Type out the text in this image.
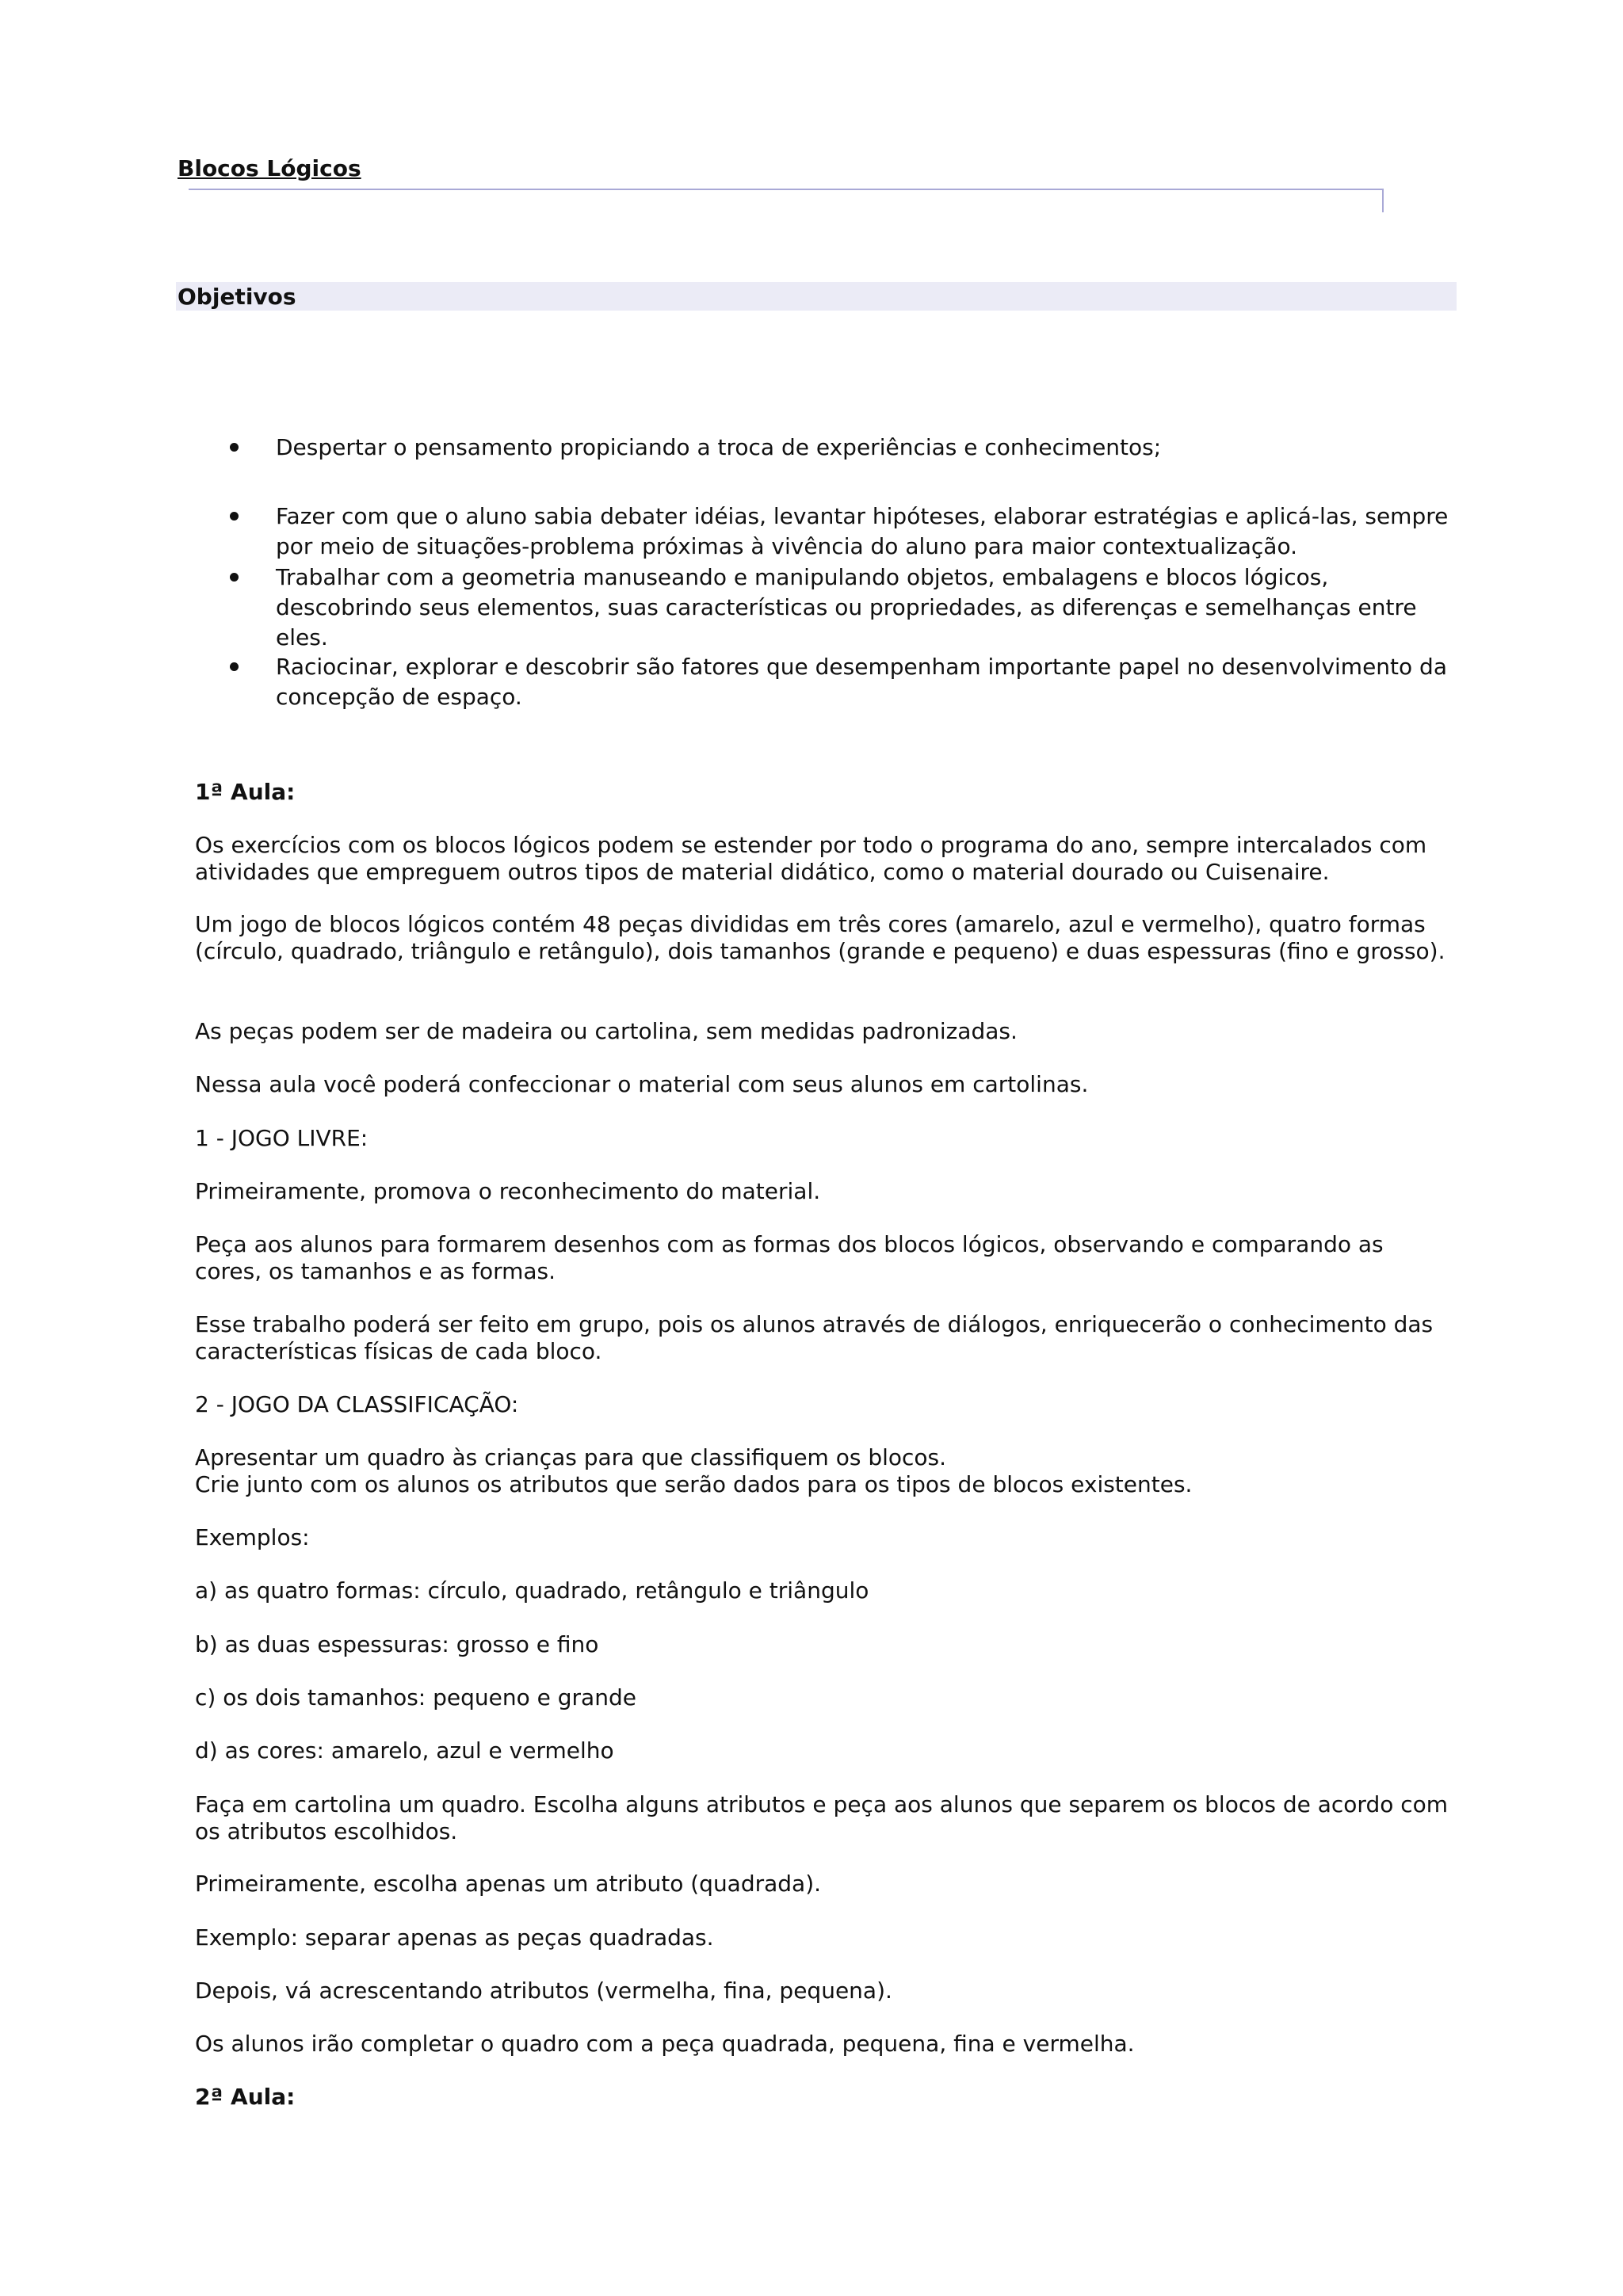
Blocos Lógicos
Objetivos
Despertar o pensamento propiciando a troca de experiências e conhecimentos;
Fazer com que o aluno sabia debater idéias, levantar hipóteses, elaborar estratégias e aplicá-las, sempre por meio de situações-problema próximas à vivência do aluno para maior contextualização.
Trabalhar com a geometria manuseando e manipulando objetos, embalagens e blocos lógicos, descobrindo seus elementos, suas características ou propriedades, as diferenças e semelhanças entre eles.
Raciocinar, explorar e descobrir são fatores que desempenham importante papel no desenvolvimento da concepção de espaço.
1ª Aula:

Os exercícios com os blocos lógicos podem se estender por todo o programa do ano, sempre intercalados com atividades que empreguem outros tipos de material didático, como o material dourado ou Cuisenaire.

Um jogo de blocos lógicos contém 48 peças divididas em três cores (amarelo, azul e vermelho), quatro formas (círculo, quadrado, triângulo e retângulo), dois tamanhos (grande e pequeno) e duas espessuras (fino e grosso).

As peças podem ser de madeira ou cartolina, sem medidas padronizadas.

Nessa aula você poderá confeccionar o material com seus alunos em cartolinas.

1 - JOGO LIVRE:

Primeiramente, promova o reconhecimento do material.

Peça aos alunos para formarem desenhos com as formas dos blocos lógicos, observando e comparando as cores, os tamanhos e as formas.

Esse trabalho poderá ser feito em grupo, pois os alunos através de diálogos, enriquecerão o conhecimento das características físicas de cada bloco.

2 - JOGO DA CLASSIFICAÇÃO:

Apresentar um quadro às crianças para que classifiquem os blocos.

Crie junto com os alunos os atributos que serão dados para os tipos de blocos existentes.

Exemplos:

a) as quatro formas: círculo, quadrado, retângulo e triângulo

b) as duas espessuras: grosso e fino

c) os dois tamanhos: pequeno e grande

d) as cores: amarelo, azul e vermelho

Faça em cartolina um quadro. Escolha alguns atributos e peça aos alunos que separem os blocos de acordo com os atributos escolhidos.

Primeiramente, escolha apenas um atributo (quadrada).

Exemplo: separar apenas as peças quadradas.

Depois, vá acrescentando atributos (vermelha, fina, pequena).

Os alunos irão completar o quadro com a peça quadrada, pequena, fina e vermelha.

2ª Aula:
